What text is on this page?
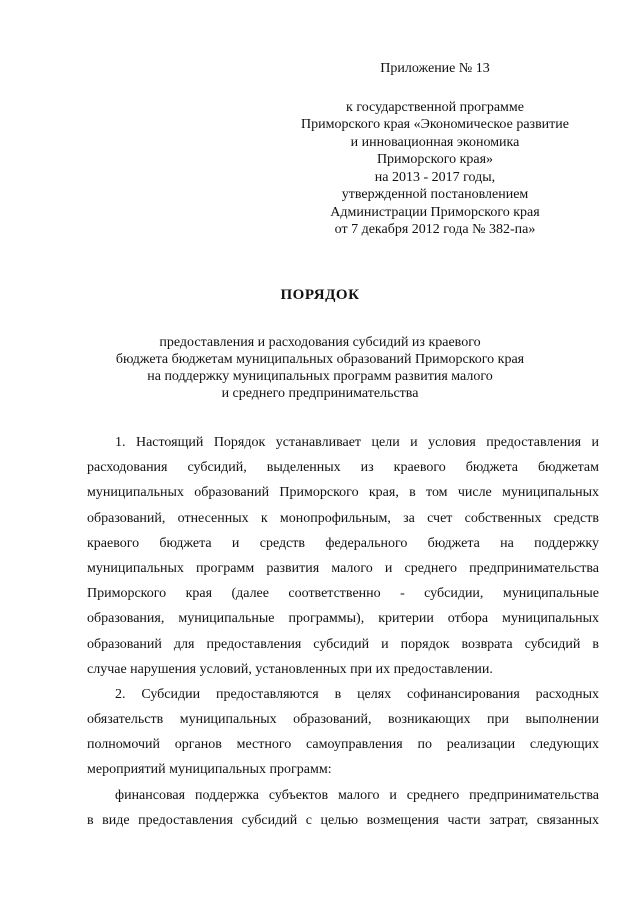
Приложение № 13
к государственной программе
Приморского края «Экономическое развитие
и инновационная экономика
Приморского края»
на 2013 - 2017 годы,
утвержденной постановлением
Администрации Приморского края
от 7 декабря 2012 года № 382-па»
ПОРЯДОК
предоставления и расходования субсидий из краевого
бюджета бюджетам муниципальных образований Приморского края
на поддержку муниципальных программ развития малого
и среднего предпринимательства
1. Настоящий Порядок устанавливает цели и условия предоставления и
расходования субсидий, выделенных из краевого бюджета бюджетам
муниципальных образований Приморского края, в том числе муниципальных
образований, отнесенных к монопрофильным, за счет собственных средств
краевого бюджета и средств федерального бюджета на поддержку
муниципальных программ развития малого и среднего предпринимательства
Приморского края (далее соответственно - субсидии, муниципальные
образования, муниципальные программы), критерии отбора муниципальных
образований для предоставления субсидий и порядок возврата субсидий в
случае нарушения условий, установленных при их предоставлении.
2. Субсидии предоставляются в целях софинансирования расходных
обязательств муниципальных образований, возникающих при выполнении
полномочий органов местного самоуправления по реализации следующих
мероприятий муниципальных программ:
финансовая поддержка субъектов малого и среднего предпринимательства
в виде предоставления субсидий с целью возмещения части затрат, связанных
